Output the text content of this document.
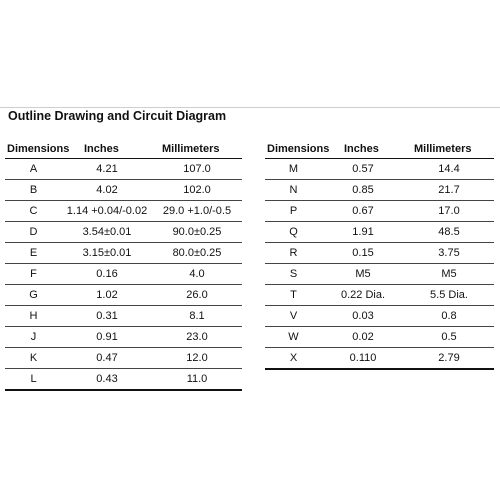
Outline Drawing and Circuit Diagram
Dimensions	Inches	Millimeters
A	4.21	107.0
B	4.02	102.0
C	1.14 +0.04/-0.02	29.0 +1.0/-0.5
D	3.54±0.01	90.0±0.25
E	3.15±0.01	80.0±0.25
F	0.16	4.0
G	1.02	26.0
H	0.31	8.1
J	0.91	23.0
K	0.47	12.0
L	0.43	11.0
Dimensions	Inches	Millimeters
M	0.57	14.4
N	0.85	21.7
P	0.67	17.0
Q	1.91	48.5
R	0.15	3.75
S	M5	M5
T	0.22 Dia.	5.5 Dia.
V	0.03	0.8
W	0.02	0.5
X	0.110	2.79
